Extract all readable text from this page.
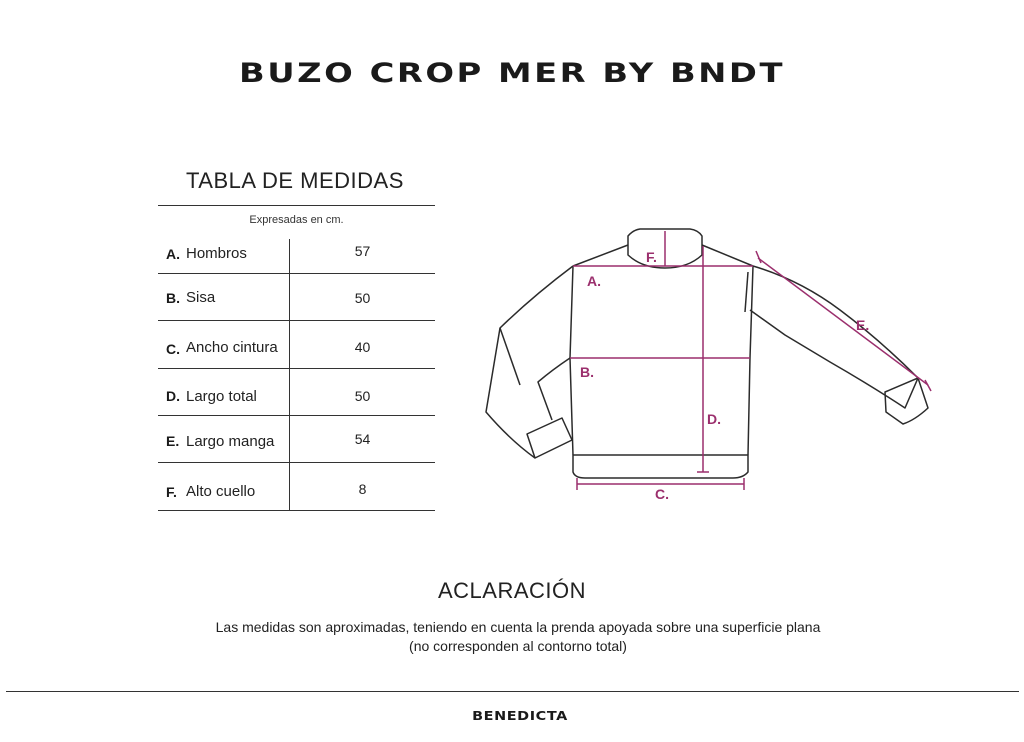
BUZO CROP MER BY BNDT
TABLA DE MEDIDAS
Expresadas en cm.
A. Hombros	57
B. Sisa	50
C. Ancho cintura	40
D. Largo total	50
E. Largo manga	54
F. Alto cuello	8
A.
B.
C.
D.
E.
F.
ACLARACIÓN
Las medidas son aproximadas, teniendo en cuenta la prenda apoyada sobre una superficie plana
(no corresponden al contorno total)
BENEDICTA
